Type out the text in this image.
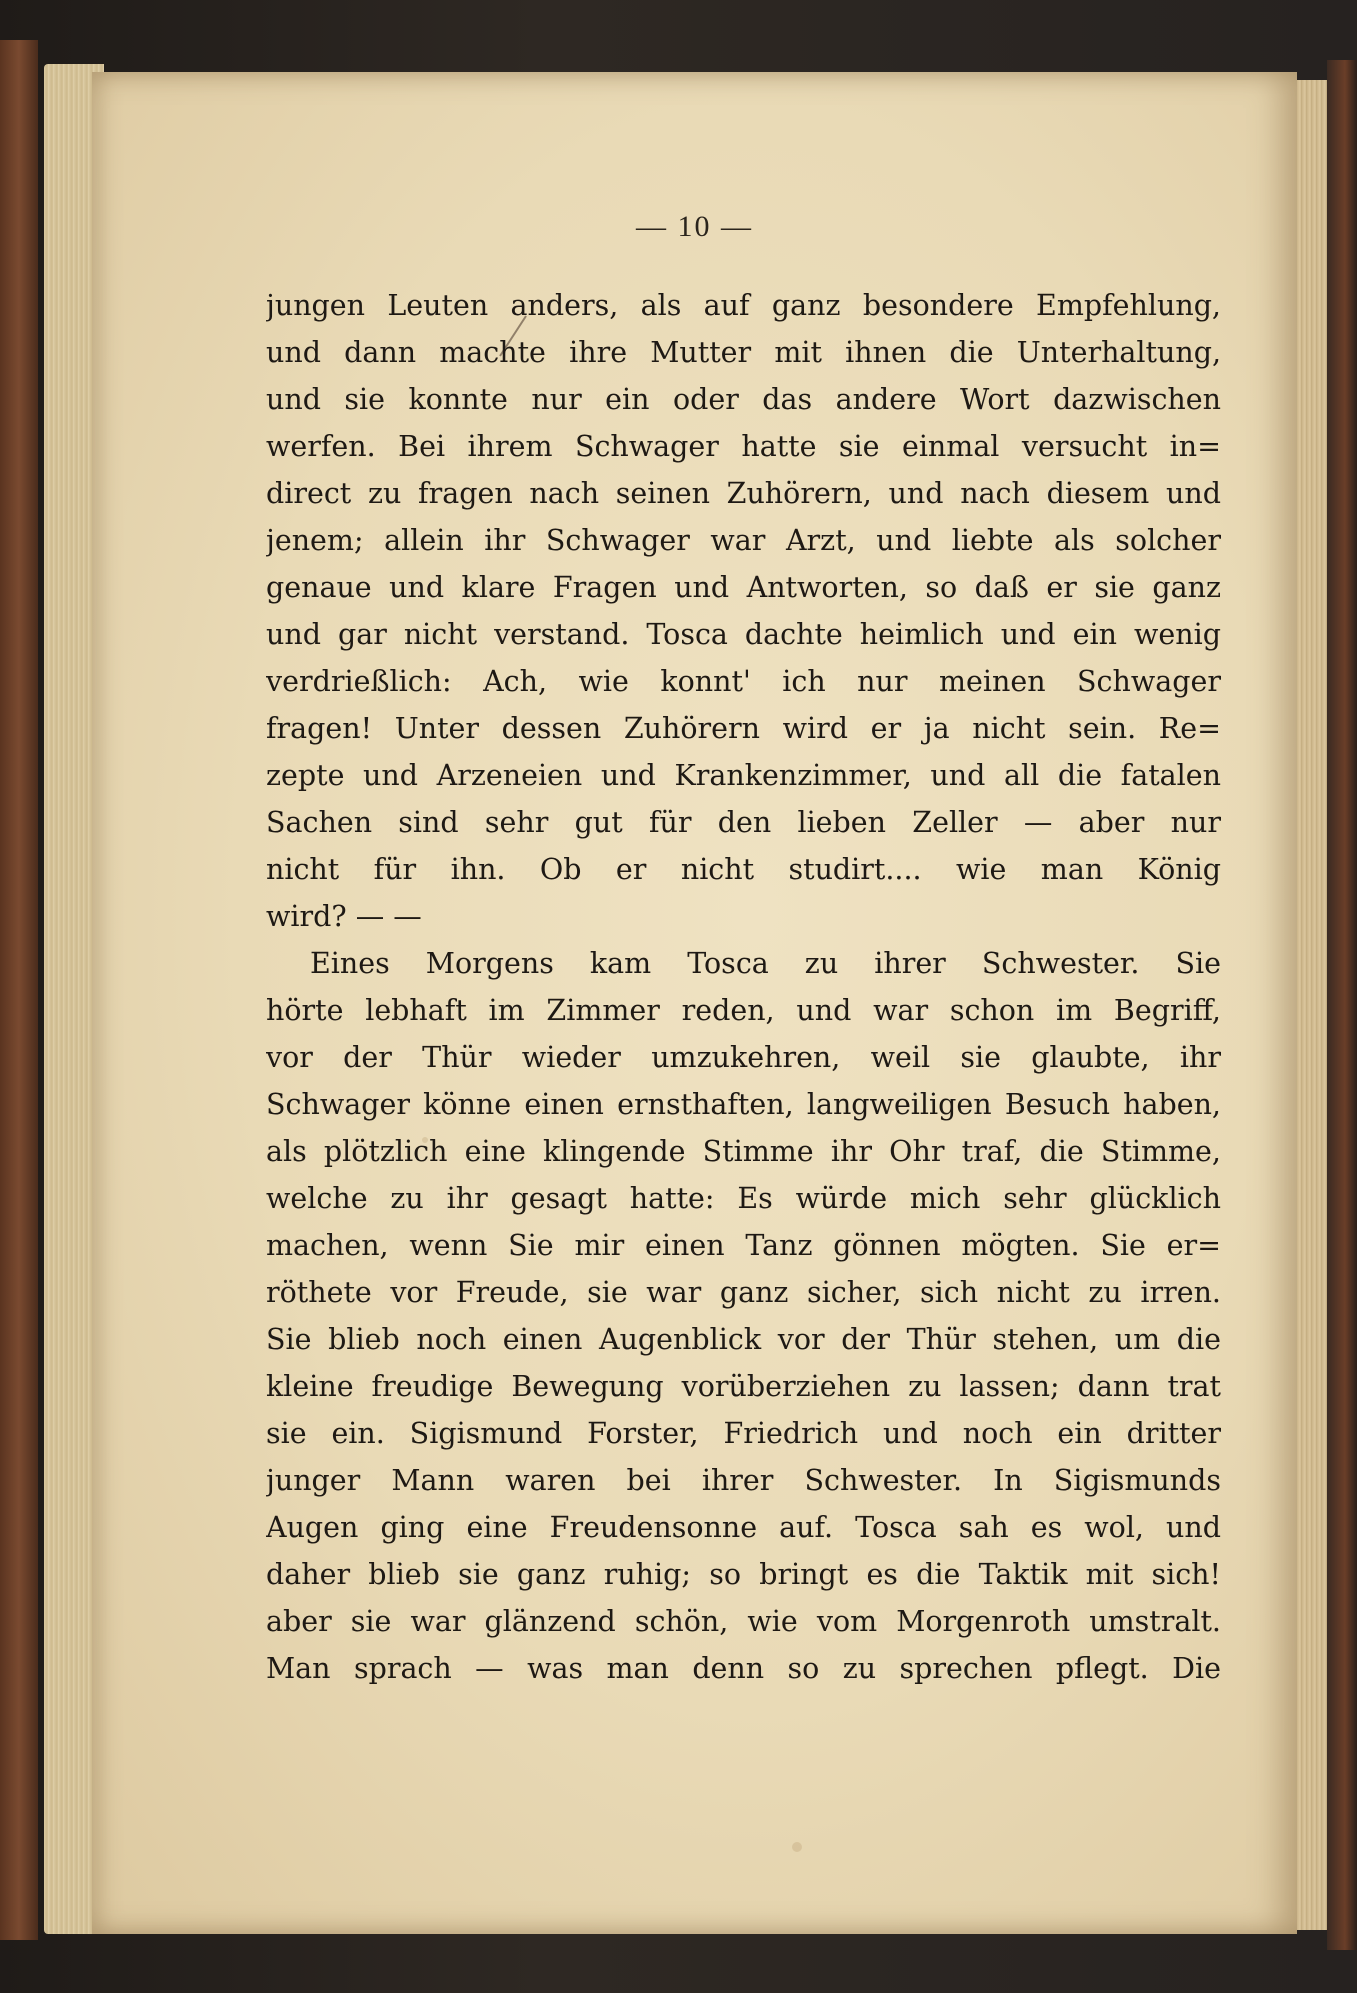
— 10 —
jungen Leuten anders, als auf ganz besondere Empfehlung,
und dann machte ihre Mutter mit ihnen die Unterhaltung,
und sie konnte nur ein oder das andere Wort dazwischen
werfen. Bei ihrem Schwager hatte sie einmal versucht in=
direct zu fragen nach seinen Zuhörern, und nach diesem und
jenem; allein ihr Schwager war Arzt, und liebte als solcher
genaue und klare Fragen und Antworten, so daß er sie ganz
und gar nicht verstand. Tosca dachte heimlich und ein wenig
verdrießlich: Ach, wie konnt' ich nur meinen Schwager
fragen! Unter dessen Zuhörern wird er ja nicht sein. Re=
zepte und Arzeneien und Krankenzimmer, und all die fatalen
Sachen sind sehr gut für den lieben Zeller — aber nur
nicht für ihn. Ob er nicht studirt.... wie man König
wird? — —
Eines Morgens kam Tosca zu ihrer Schwester. Sie
hörte lebhaft im Zimmer reden, und war schon im Begriff,
vor der Thür wieder umzukehren, weil sie glaubte, ihr
Schwager könne einen ernsthaften, langweiligen Besuch haben,
als plötzlich eine klingende Stimme ihr Ohr traf, die Stimme,
welche zu ihr gesagt hatte: Es würde mich sehr glücklich
machen, wenn Sie mir einen Tanz gönnen mögten. Sie er=
röthete vor Freude, sie war ganz sicher, sich nicht zu irren.
Sie blieb noch einen Augenblick vor der Thür stehen, um die
kleine freudige Bewegung vorüberziehen zu lassen; dann trat
sie ein. Sigismund Forster, Friedrich und noch ein dritter
junger Mann waren bei ihrer Schwester. In Sigismunds
Augen ging eine Freudensonne auf. Tosca sah es wol, und
daher blieb sie ganz ruhig; so bringt es die Taktik mit sich!
aber sie war glänzend schön, wie vom Morgenroth umstralt.
Man sprach — was man denn so zu sprechen pflegt. Die
